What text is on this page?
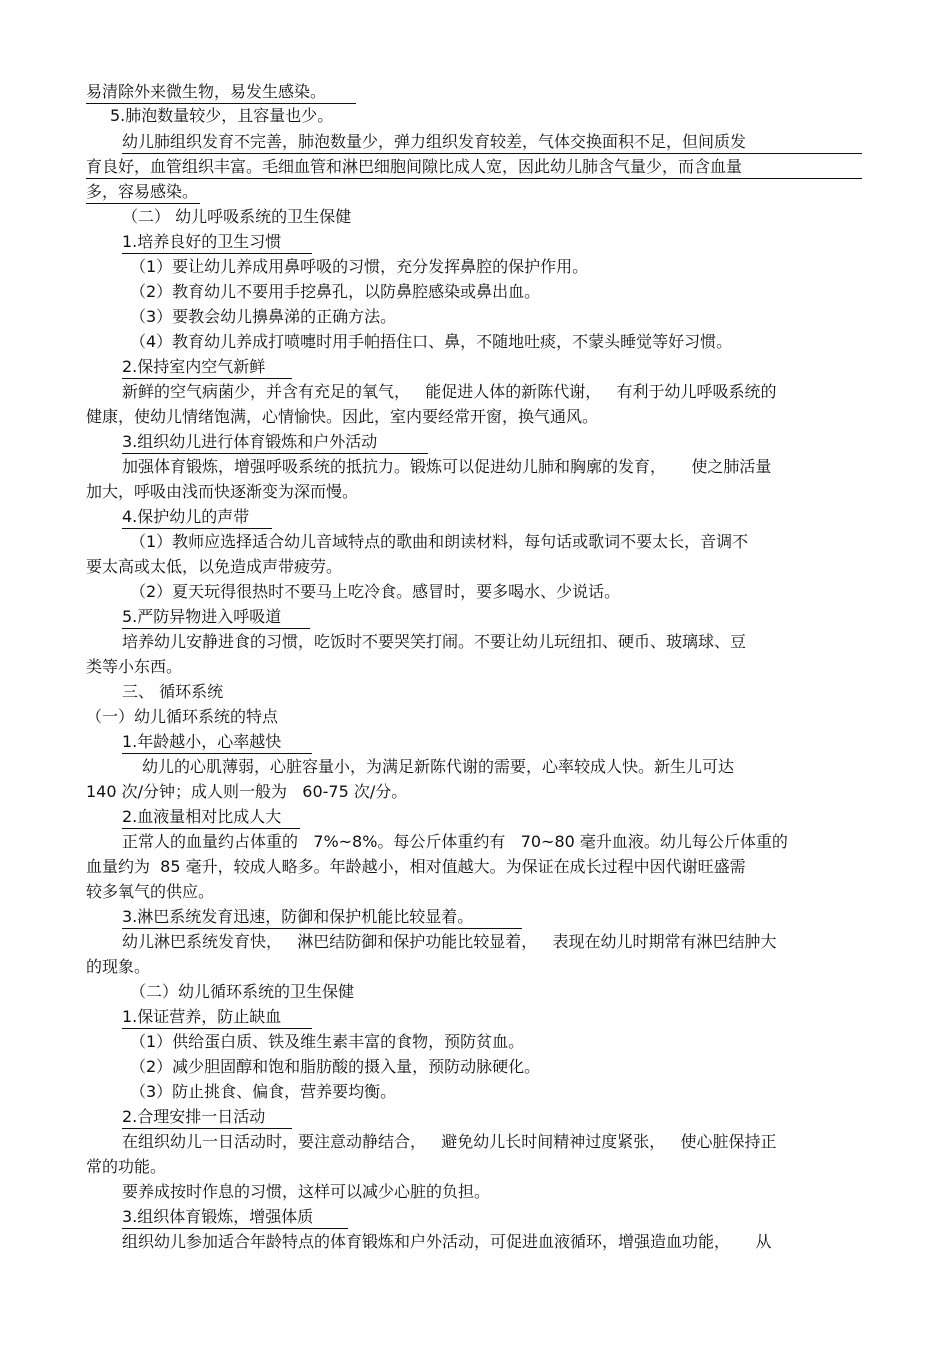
易清除外来微生物，易发生感染。
5.肺泡数量较少，且容量也少。
幼儿肺组织发育不完善，肺泡数量少，弹力组织发育较差，气体交换面积不足，但间质发
育良好，血管组织丰富。毛细血管和淋巴细胞间隙比成人宽，因此幼儿肺含气量少，而含血量
多，容易感染。
（二） 幼儿呼吸系统的卫生保健
1.培养良好的卫生习惯
（1）要让幼儿养成用鼻呼吸的习惯，充分发挥鼻腔的保护作用。
（2）教育幼儿不要用手挖鼻孔，以防鼻腔感染或鼻出血。
（3）要教会幼儿擤鼻涕的正确方法。
（4）教育幼儿养成打喷嚏时用手帕捂住口、鼻，不随地吐痰，不蒙头睡觉等好习惯。
2.保持室内空气新鲜
新鲜的空气病菌少，并含有充足的氧气，   能促进人体的新陈代谢，   有利于幼儿呼吸系统的
健康，使幼儿情绪饱满，心情愉快。因此，室内要经常开窗，换气通风。
3.组织幼儿进行体育锻炼和户外活动
加强体育锻炼，增强呼吸系统的抵抗力。锻炼可以促进幼儿肺和胸廓的发育，     使之肺活量
加大，呼吸由浅而快逐渐变为深而慢。
4.保护幼儿的声带
（1）教师应选择适合幼儿音域特点的歌曲和朗读材料，每句话或歌词不要太长，音调不
要太高或太低，以免造成声带疲劳。
（2）夏天玩得很热时不要马上吃冷食。感冒时，要多喝水、少说话。
5.严防异物进入呼吸道
培养幼儿安静进食的习惯，吃饭时不要哭笑打闹。不要让幼儿玩纽扣、硬币、玻璃球、豆
类等小东西。
三、 循环系统
（一）幼儿循环系统的特点
1.年龄越小，心率越快
幼儿的心肌薄弱，心脏容量小，为满足新陈代谢的需要，心率较成人快。新生儿可达
140 次/分钟；成人则一般为   60-75 次/分。
2.血液量相对比成人大
正常人的血量约占体重的   7%~8%。每公斤体重约有   70~80 毫升血液。幼儿每公斤体重的
血量约为  85 毫升，较成人略多。年龄越小，相对值越大。为保证在成长过程中因代谢旺盛需
较多氧气的供应。
3.淋巴系统发育迅速，防御和保护机能比较显着。
幼儿淋巴系统发育快，   淋巴结防御和保护功能比较显着，   表现在幼儿时期常有淋巴结肿大
的现象。
（二）幼儿循环系统的卫生保健
1.保证营养，防止缺血
（1）供给蛋白质、铁及维生素丰富的食物，预防贫血。
（2）减少胆固醇和饱和脂肪酸的摄入量，预防动脉硬化。
（3）防止挑食、偏食，营养要均衡。
2.合理安排一日活动
在组织幼儿一日活动时，要注意动静结合，   避免幼儿长时间精神过度紧张，   使心脏保持正
常的功能。
要养成按时作息的习惯，这样可以减少心脏的负担。
3.组织体育锻炼，增强体质
组织幼儿参加适合年龄特点的体育锻炼和户外活动，可促进血液循环，增强造血功能，     从
